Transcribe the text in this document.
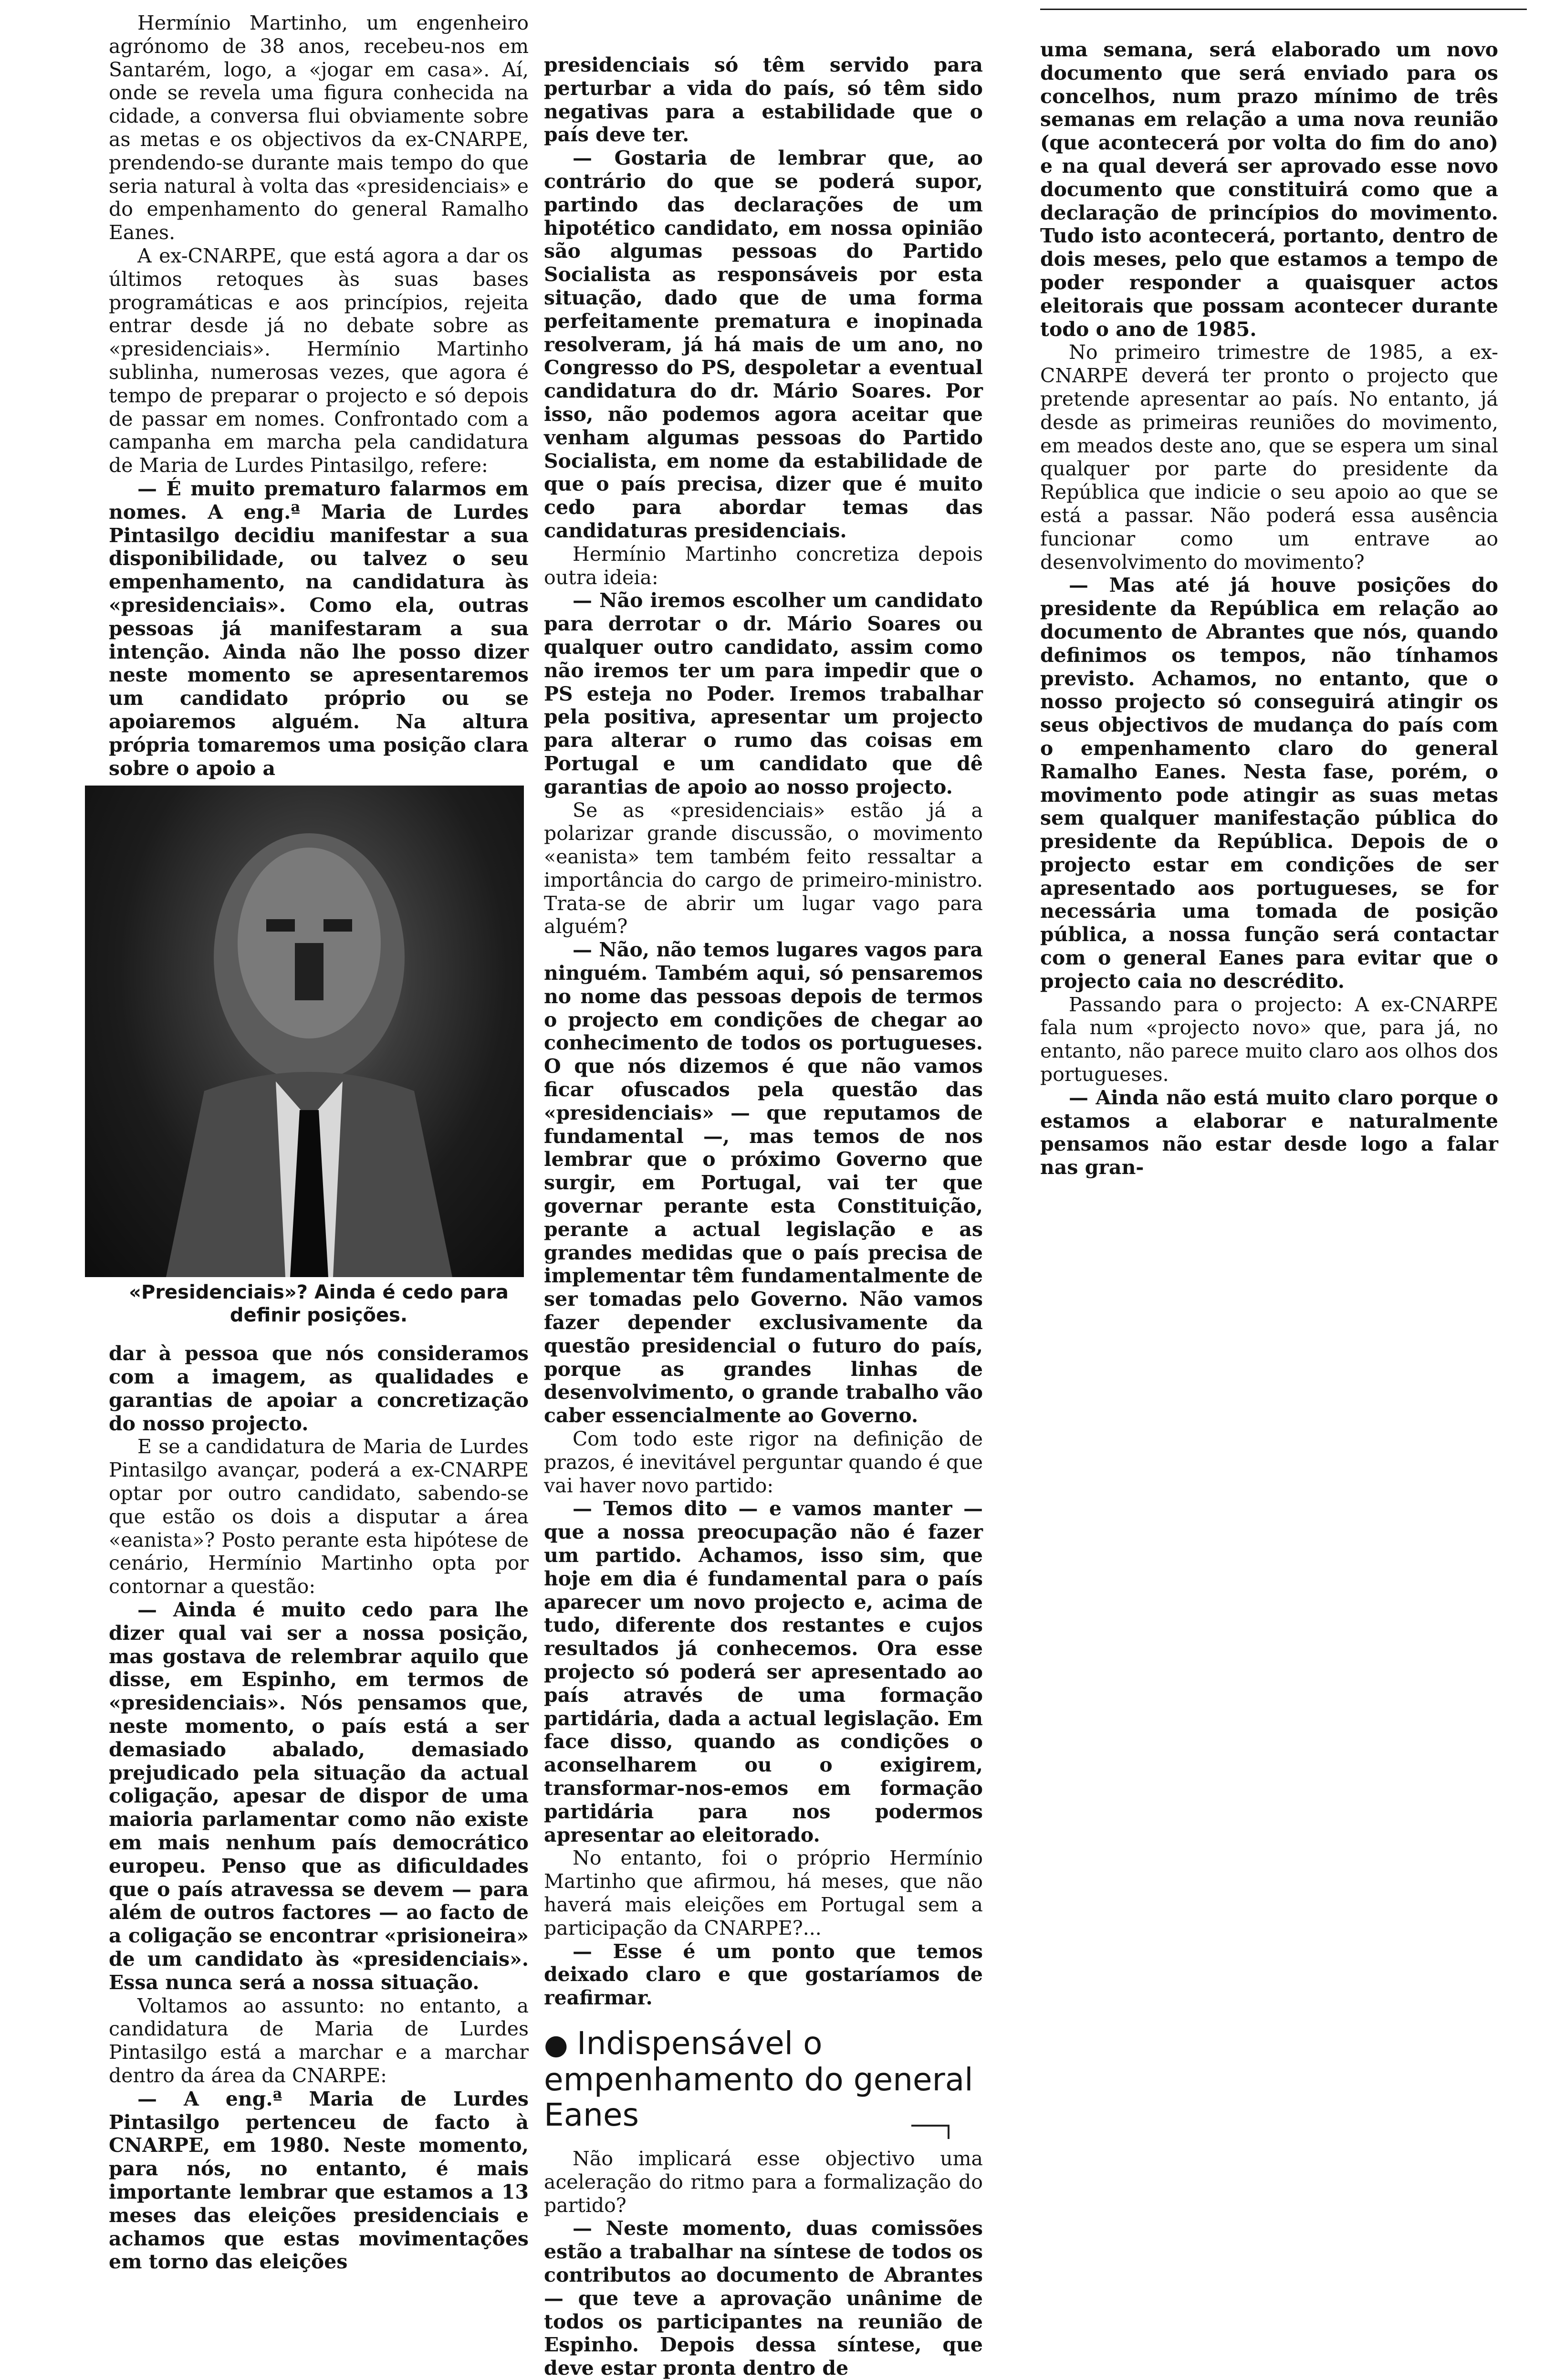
Hermínio Martinho, um engenheiro agrónomo de 38 anos, recebeu-nos em Santarém, logo, a «jogar em casa». Aí, onde se revela uma figura conhecida na cidade, a conversa flui obviamente sobre as metas e os objectivos da ex-CNARPE, prendendo-se durante mais tempo do que seria natural à volta das «presidenciais» e do empenhamento do general Ramalho Eanes.

A ex-CNARPE, que está agora a dar os últimos retoques às suas bases programáticas e aos princípios, rejeita entrar desde já no debate sobre as «presidenciais». Hermínio Martinho sublinha, numerosas vezes, que agora é tempo de preparar o projecto e só depois de passar em nomes. Confrontado com a campanha em marcha pela candidatura de Maria de Lurdes Pintasilgo, refere:

— É muito prematuro falarmos em nomes. A eng.ª Maria de Lurdes Pintasilgo decidiu manifestar a sua disponibilidade, ou talvez o seu empenhamento, na candidatura às «presidenciais». Como ela, outras pessoas já manifestaram a sua intenção. Ainda não lhe posso dizer neste momento se apresentaremos um candidato próprio ou se apoiaremos alguém. Na altura própria tomaremos uma posição clara sobre o apoio a

«Presidenciais»? Ainda é cedo para definir posições.

dar à pessoa que nós consideramos com a imagem, as qualidades e garantias de apoiar a concretização do nosso projecto.

E se a candidatura de Maria de Lurdes Pintasilgo avançar, poderá a ex-CNARPE optar por outro candidato, sabendo-se que estão os dois a disputar a área «eanista»? Posto perante esta hipótese de cenário, Hermínio Martinho opta por contornar a questão:

— Ainda é muito cedo para lhe dizer qual vai ser a nossa posição, mas gostava de relembrar aquilo que disse, em Espinho, em termos de «presidenciais». Nós pensamos que, neste momento, o país está a ser demasiado abalado, demasiado prejudicado pela situação da actual coligação, apesar de dispor de uma maioria parlamentar como não existe em mais nenhum país democrático europeu. Penso que as dificuldades que o país atravessa se devem — para além de outros factores — ao facto de a coligação se encontrar «prisioneira» de um candidato às «presidenciais». Essa nunca será a nossa situação.

Voltamos ao assunto: no entanto, a candidatura de Maria de Lurdes Pintasilgo está a marchar e a marchar dentro da área da CNARPE:

— A eng.ª Maria de Lurdes Pintasilgo pertenceu de facto à CNARPE, em 1980. Neste momento, para nós, no entanto, é mais importante lembrar que estamos a 13 meses das eleições presidenciais e achamos que estas movimentações em torno das eleições

presidenciais só têm servido para perturbar a vida do país, só têm sido negativas para a estabilidade que o país deve ter.

— Gostaria de lembrar que, ao contrário do que se poderá supor, partindo das declarações de um hipotético candidato, em nossa opinião são algumas pessoas do Partido Socialista as responsáveis por esta situação, dado que de uma forma perfeitamente prematura e inopinada resolveram, já há mais de um ano, no Congresso do PS, despoletar a eventual candidatura do dr. Mário Soares. Por isso, não podemos agora aceitar que venham algumas pessoas do Partido Socialista, em nome da estabilidade de que o país precisa, dizer que é muito cedo para abordar temas das candidaturas presidenciais.

Hermínio Martinho concretiza depois outra ideia:

— Não iremos escolher um candidato para derrotar o dr. Mário Soares ou qualquer outro candidato, assim como não iremos ter um para impedir que o PS esteja no Poder. Iremos trabalhar pela positiva, apresentar um projecto para alterar o rumo das coisas em Portugal e um candidato que dê garantias de apoio ao nosso projecto.

Se as «presidenciais» estão já a polarizar grande discussão, o movimento «eanista» tem também feito ressaltar a importância do cargo de primeiro-ministro. Trata-se de abrir um lugar vago para alguém?

— Não, não temos lugares vagos para ninguém. Também aqui, só pensaremos no nome das pessoas depois de termos o projecto em condições de chegar ao conhecimento de todos os portugueses. O que nós dizemos é que não vamos ficar ofuscados pela questão das «presidenciais» — que reputamos de fundamental —, mas temos de nos lembrar que o próximo Governo que surgir, em Portugal, vai ter que governar perante esta Constituição, perante a actual legislação e as grandes medidas que o país precisa de implementar têm fundamentalmente de ser tomadas pelo Governo. Não vamos fazer depender exclusivamente da questão presidencial o futuro do país, porque as grandes linhas de desenvolvimento, o grande trabalho vão caber essencialmente ao Governo.

Com todo este rigor na definição de prazos, é inevitável perguntar quando é que vai haver novo partido:

— Temos dito — e vamos manter — que a nossa preocupação não é fazer um partido. Achamos, isso sim, que hoje em dia é fundamental para o país aparecer um novo projecto e, acima de tudo, diferente dos restantes e cujos resultados já conhecemos. Ora esse projecto só poderá ser apresentado ao país através de uma formação partidária, dada a actual legislação. Em face disso, quando as condições o aconselharem ou o exigirem, transformar-nos-emos em formação partidária para nos podermos apresentar ao eleitorado.

No entanto, foi o próprio Hermínio Martinho que afirmou, há meses, que não haverá mais eleições em Portugal sem a participação da CNARPE?...

— Esse é um ponto que temos deixado claro e que gostaríamos de reafirmar.

● Indispensável o empenhamento do general Eanes

Não implicará esse objectivo uma aceleração do ritmo para a formalização do partido?

— Neste momento, duas comissões estão a trabalhar na síntese de todos os contributos ao documento de Abrantes — que teve a aprovação unânime de todos os participantes na reunião de Espinho. Depois dessa síntese, que deve estar pronta dentro de

uma semana, será elaborado um novo documento que será enviado para os concelhos, num prazo mínimo de três semanas em relação a uma nova reunião (que acontecerá por volta do fim do ano) e na qual deverá ser aprovado esse novo documento que constituirá como que a declaração de princípios do movimento. Tudo isto acontecerá, portanto, dentro de dois meses, pelo que estamos a tempo de poder responder a quaisquer actos eleitorais que possam acontecer durante todo o ano de 1985.

No primeiro trimestre de 1985, a ex-CNARPE deverá ter pronto o projecto que pretende apresentar ao país. No entanto, já desde as primeiras reuniões do movimento, em meados deste ano, que se espera um sinal qualquer por parte do presidente da República que indicie o seu apoio ao que se está a passar. Não poderá essa ausência funcionar como um entrave ao desenvolvimento do movimento?

— Mas até já houve posições do presidente da República em relação ao documento de Abrantes que nós, quando definimos os tempos, não tínhamos previsto. Achamos, no entanto, que o nosso projecto só conseguirá atingir os seus objectivos de mudança do país com o empenhamento claro do general Ramalho Eanes. Nesta fase, porém, o movimento pode atingir as suas metas sem qualquer manifestação pública do presidente da República. Depois de o projecto estar em condições de ser apresentado aos portugueses, se for necessária uma tomada de posição pública, a nossa função será contactar com o general Eanes para evitar que o projecto caia no descrédito.

Passando para o projecto: A ex-CNARPE fala num «projecto novo» que, para já, no entanto, não parece muito claro aos olhos dos portugueses.

— Ainda não está muito claro porque o estamos a elaborar e naturalmente pensamos não estar desde logo a falar nas gran-
